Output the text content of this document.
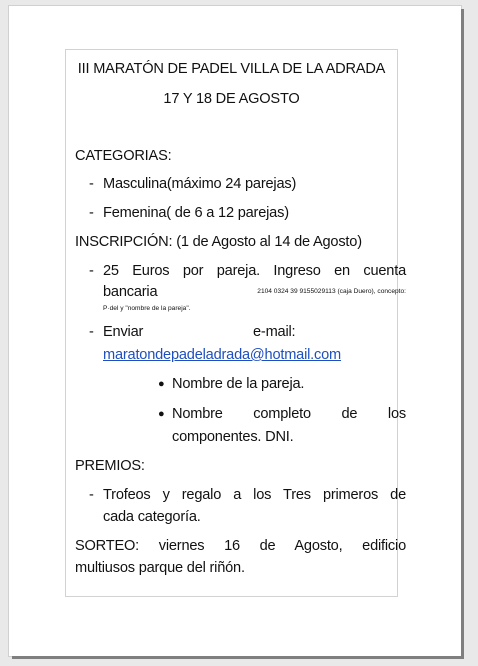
III MARATÓN DE PADEL VILLA DE LA ADRADA
17 Y 18 DE AGOSTO
CATEGORIAS:
- Masculina(máximo 24 parejas)
- Femenina( de 6 a 12 parejas)
INSCRIPCIÓN: (1 de Agosto al 14 de Agosto)
- 25 Euros por pareja. Ingreso en cuenta
bancaria	2104 0324 39 9155029113 (caja Duero), concepto:
P·del y "nombre de la pareja".
- Enviar	e-mail:
maratondepadeladrada@hotmail.com
● Nombre de la pareja.
● Nombre completo de los
componentes. DNI.
PREMIOS:
- Trofeos y regalo a los Tres primeros de
cada categoría.
SORTEO: viernes 16 de Agosto, edificio
multiusos parque del riñón.
